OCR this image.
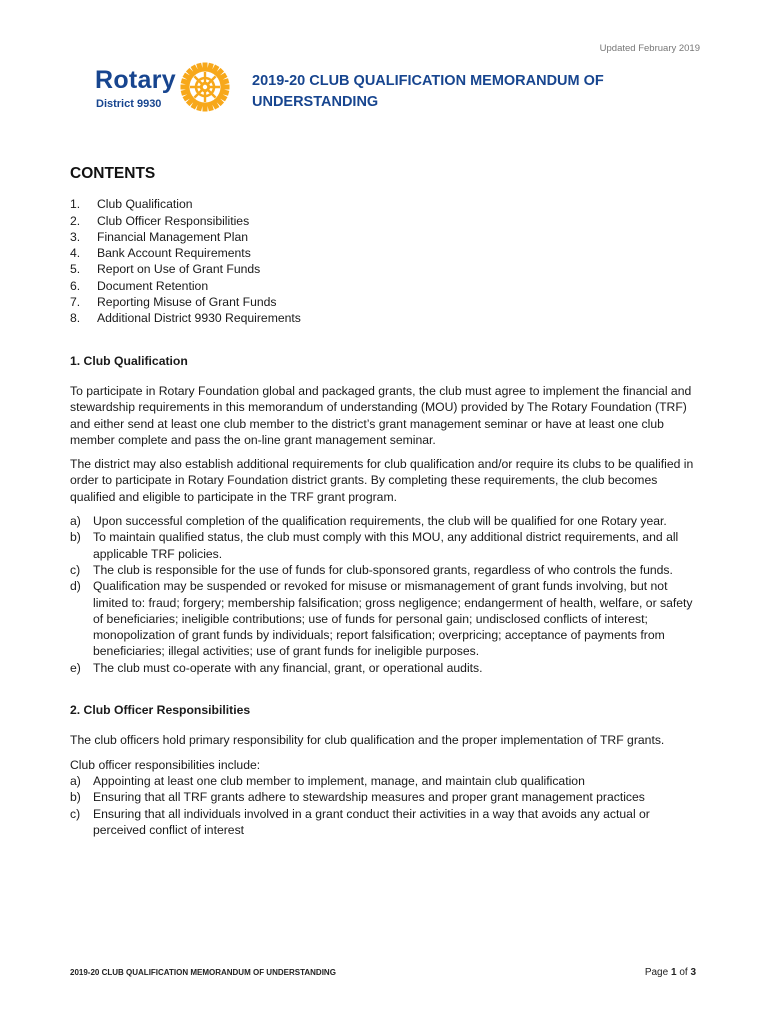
Updated February 2019
Rotary
District 9930
2019-20 CLUB QUALIFICATION MEMORANDUM OF
UNDERSTANDING
CONTENTS
1.	Club Qualification
2.	Club Officer Responsibilities
3.	Financial Management Plan
4.	Bank Account Requirements
5.	Report on Use of Grant Funds
6.	Document Retention
7.	Reporting Misuse of Grant Funds
8.	Additional District 9930 Requirements
1. Club Qualification

To participate in Rotary Foundation global and packaged grants, the club must agree to implement the financial and stewardship requirements in this memorandum of understanding (MOU) provided by The Rotary Foundation (TRF) and either send at least one club member to the district’s grant management seminar or have at least one club member complete and pass the on-line grant management seminar.

The district may also establish additional requirements for club qualification and/or require its clubs to be qualified in order to participate in Rotary Foundation district grants. By completing these requirements, the club becomes qualified and eligible to participate in the TRF grant program.

a) Upon successful completion of the qualification requirements, the club will be qualified for one Rotary year.
b) To maintain qualified status, the club must comply with this MOU, any additional district requirements, and all applicable TRF policies.
c)	The club is responsible for the use of funds for club-sponsored grants, regardless of who controls the funds.
d) Qualification may be suspended or revoked for misuse or mismanagement of grant funds involving, but not limited to: fraud; forgery; membership falsification; gross negligence; endangerment of health, welfare, or safety of beneficiaries; ineligible contributions; use of funds for personal gain; undisclosed conflicts of interest; monopolization of grant funds by individuals; report falsification; overpricing; acceptance of payments from beneficiaries; illegal activities; use of grant funds for ineligible purposes.
e) The club must co-operate with any financial, grant, or operational audits.
2. Club Officer Responsibilities

The club officers hold primary responsibility for club qualification and the proper implementation of TRF grants.

Club officer responsibilities include:
a) Appointing at least one club member to implement, manage, and maintain club qualification
b) Ensuring that all TRF grants adhere to stewardship measures and proper grant management practices
c)	Ensuring that all individuals involved in a grant conduct their activities in a way that avoids any actual or perceived conflict of interest
2019-20 CLUB QUALIFICATION MEMORANDUM OF UNDERSTANDING	Page 1 of 3
